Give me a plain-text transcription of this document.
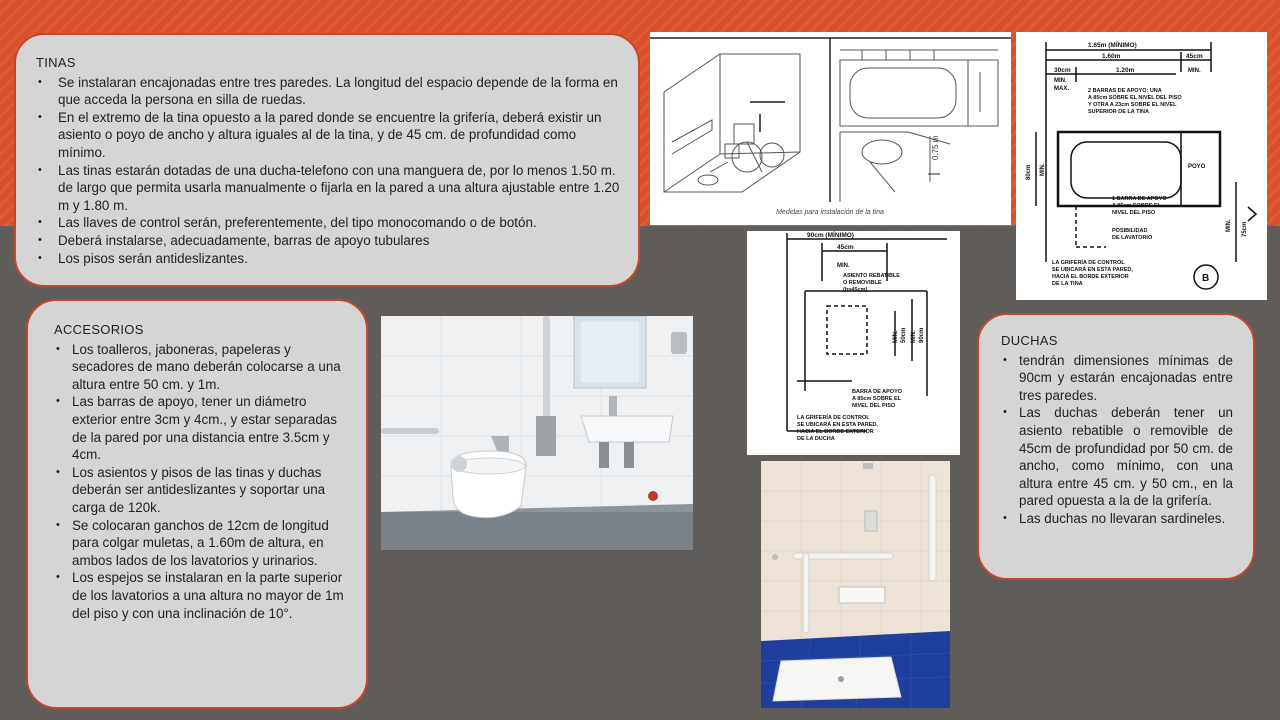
TINAS
• Se instalaran encajonadas entre tres paredes. La longitud del espacio depende de la forma en que acceda la persona en silla de ruedas.
• En el extremo de la tina opuesto a la pared donde se encuentre la grifería, deberá existir un asiento o poyo de ancho y altura iguales al de la tina, y de 45 cm. de profundidad como mínimo.
• Las tinas estarán dotadas de una ducha-telefono con una manguera de, por lo menos 1.50 m. de largo que permita usarla manualmente o fijarla en la pared a una altura ajustable entre 1.20 m y 1.80 m.
• Las llaves de control serán, preferentemente, del tipo monocomando o de botón.
• Deberá instalarse, adecuadamente, barras de apoyo tubulares
• Los pisos serán antideslizantes.
ACCESORIOS
• Los toalleros, jaboneras, papeleras y secadores de mano deberán colocarse a una altura entre 50 cm. y 1m.
• Las barras de apoyo, tener un diámetro exterior entre 3cm y 4cm., y estar separadas de la pared por una distancia entre 3.5cm y 4cm.
• Los asientos y pisos de las tinas y duchas deberán ser antideslizantes y soportar una carga de 120k.
• Se colocaran ganchos de 12cm de longitud para colgar muletas, a 1.60m de altura, en ambos lados de los lavatorios y urinarios.
• Los espejos se instalaran en la parte superior de los lavatorios a una altura no mayor de 1m del piso y con una inclinación de 10°.
DUCHAS
• tendrán dimensiones mínimas de 90cm y estarán encajonadas entre tres paredes.
• Las duchas deberán tener un asiento rebatible o removible de 45cm de profundidad por 50 cm. de ancho, como mínimo, con una altura entre 45 cm. y 50 cm., en la pared opuesta a la de la grifería.
• Las duchas no llevaran sardineles.
0.75 m
Medidas para instalación de la tina
1.65m (MÍNIMO)
1.60m	45cm
30cm	1.20m	MIN.
MIN.
MAX.	2 BARRAS DE APOYO: UNA
A 85cm SOBRE EL NIVEL DEL PISO
Y OTRA A 23cm SOBRE EL NIVEL
SUPERIOR DE LA TINA
POYO
80cm MIN.
1 BARRA DE APOYO
A 85cm SOBRE EL
NIVEL DEL PISO
POSIBILIDAD
DE LAVATORIO
MIN. 75cm
LA GRIFERÍA DE CONTROL
SE UBICARÁ EN ESTA PARED,
HACIA EL BORDE EXTERIOR
DE LA TINA	B
90cm (MÍNIMO)
45cm
MIN.
ASIENTO REBATIBLE
O REMOVIBLE
(h=45cm)
MIN. 50cm MIN. 90cm
BARRA DE APOYO
A 85cm SOBRE EL
NIVEL DEL PISO
LA GRIFERÍA DE CONTROL
SE UBICARÁ EN ESTA PARED,
HACIA EL BORDE EXTERIOR
DE LA DUCHA
